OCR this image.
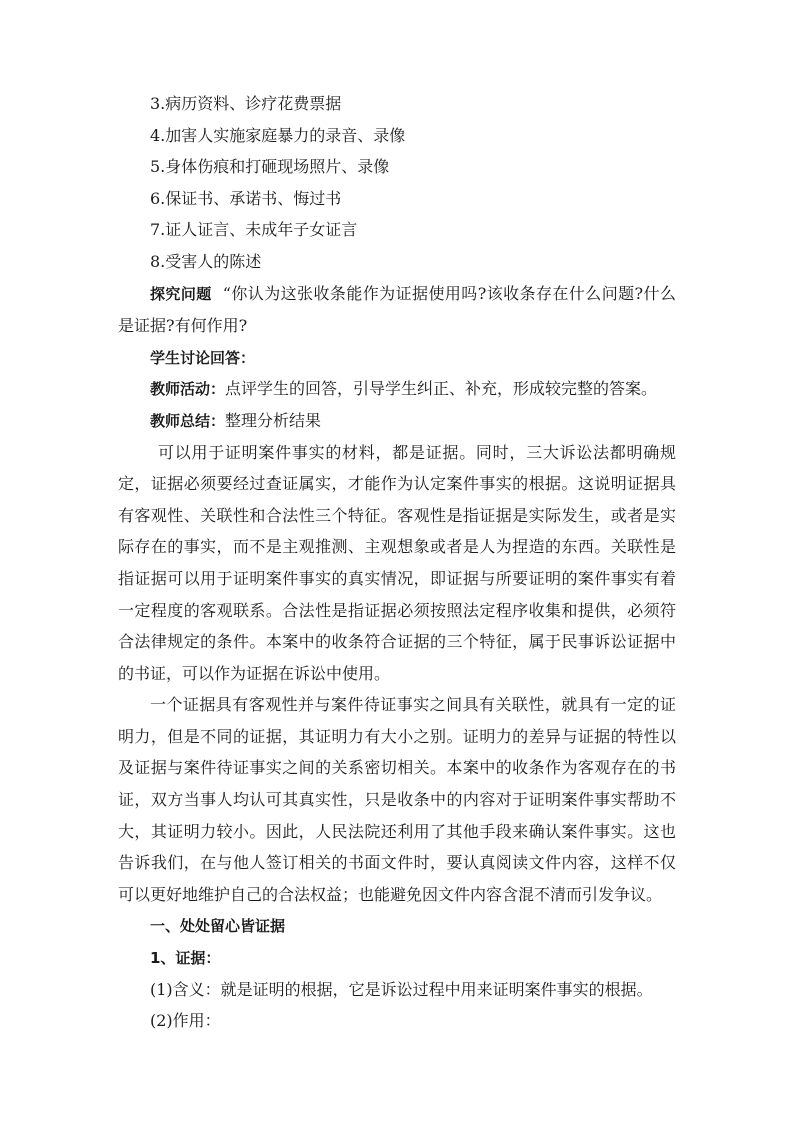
3.病历资料、诊疗花费票据
4.加害人实施家庭暴力的录音、录像
5.身体伤痕和打砸现场照片、录像
6.保证书、承诺书、悔过书
7.证人证言、未成年子女证言
8.受害人的陈述

探究问题 “你认为这张收条能作为证据使用吗?该收条存在什么问题?什么是证据?有何作用?

学生讨论回答：
教师活动：点评学生的回答，引导学生纠正、补充，形成较完整的答案。
教师总结：整理分析结果

可以用于证明案件事实的材料，都是证据。同时，三大诉讼法都明确规定，证据必须要经过查证属实，才能作为认定案件事实的根据。这说明证据具有客观性、关联性和合法性三个特征。客观性是指证据是实际发生，或者是实际存在的事实，而不是主观推测、主观想象或者是人为捏造的东西。关联性是指证据可以用于证明案件事实的真实情况，即证据与所要证明的案件事实有着一定程度的客观联系。合法性是指证据必须按照法定程序收集和提供，必须符合法律规定的条件。本案中的收条符合证据的三个特征，属于民事诉讼证据中的书证，可以作为证据在诉讼中使用。

一个证据具有客观性并与案件待证事实之间具有关联性，就具有一定的证明力，但是不同的证据，其证明力有大小之别。证明力的差异与证据的特性以及证据与案件待证事实之间的关系密切相关。本案中的收条作为客观存在的书证，双方当事人均认可其真实性，只是收条中的内容对于证明案件事实帮助不大，其证明力较小。因此，人民法院还利用了其他手段来确认案件事实。这也告诉我们，在与他人签订相关的书面文件时，要认真阅读文件内容，这样不仅可以更好地维护自己的合法权益；也能避免因文件内容含混不清而引发争议。

一、处处留心皆证据
1、证据：
(1)含义：就是证明的根据，它是诉讼过程中用来证明案件事实的根据。
(2)作用：
